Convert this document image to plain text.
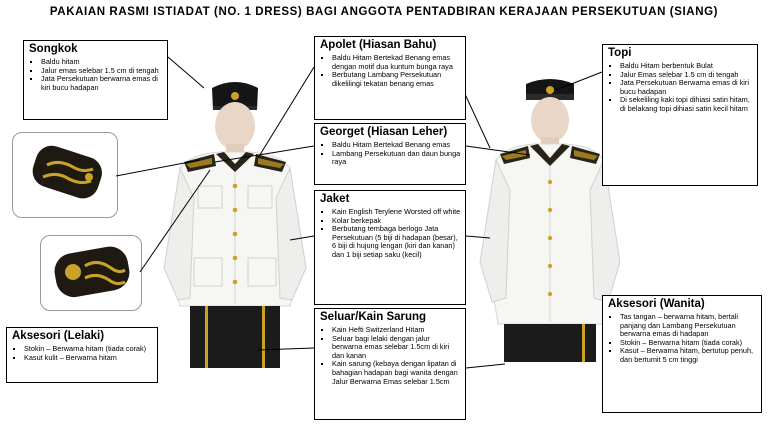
PAKAIAN RASMI ISTIADAT (NO. 1 DRESS) BAGI ANGGOTA PENTADBIRAN KERAJAAN PERSEKUTUAN (SIANG)
Songkok
▪ Baldu hitam
▪ Jalur emas selebar 1.5 cm di tengah
▪ Jata Persekutuan berwarna emas di kiri bucu hadapan
Apolet (Hiasan Bahu)
▪ Baldu Hitam Bertekad Benang emas dengan motif dua kuntum bunga raya
▪ Berbutang Lambang Persekutuan dikelilingi tekatan benang emas
Georget (Hiasan Leher)
▪ Baldu Hitam Bertekad Benang emas
▪ Lambang Persekutuan dan daun bunga raya
Jaket
▪ Kain English Terylene Worsted off white
▪ Kolar berkepak
▪ Berbutang tembaga berlogo Jata Persekutuan (5 biji di hadapan (besar), 6 biji di hujung lengan (kiri dan kanan) dan 1 biji setiap saku (kecil)
Seluar/Kain Sarung
▪ Kain Hefti Switzerland Hitam
▪ Seluar bagi lelaki dengan jalur berwarna emas selebar 1.5cm di kiri dan kanan
▪ Kain sarung (kebaya dengan lipatan di bahagian hadapan bagi wanita dengan Jalur Berwarna Emas selebar 1.5cm
Topi
▪ Baldu Hitam berbentuk Bulat
▪ Jalur Emas selebar 1.5 cm di tengah
▪ Jata Persekutuan Berwarna emas di kiri bucu hadapan
▪ Di sekeliling kaki topi dihiasi satin hitam, di belakang topi dihiasi satin kecil hitam
Aksesori (Lelaki)
▪ Stokin – Berwarna hitam (tiada corak)
▪ Kasut kulit – Berwarna hitam
Aksesori (Wanita)
▪ Tas tangan – berwarna hitam, bertali panjang dan Lambang Persekutuan berwarna emas di hadapan
▪ Stokin – Berwarna hitam (tiada corak)
▪ Kasut – Berwarna hitam, bertutup penuh, dan bertumit 5 cm tinggi
